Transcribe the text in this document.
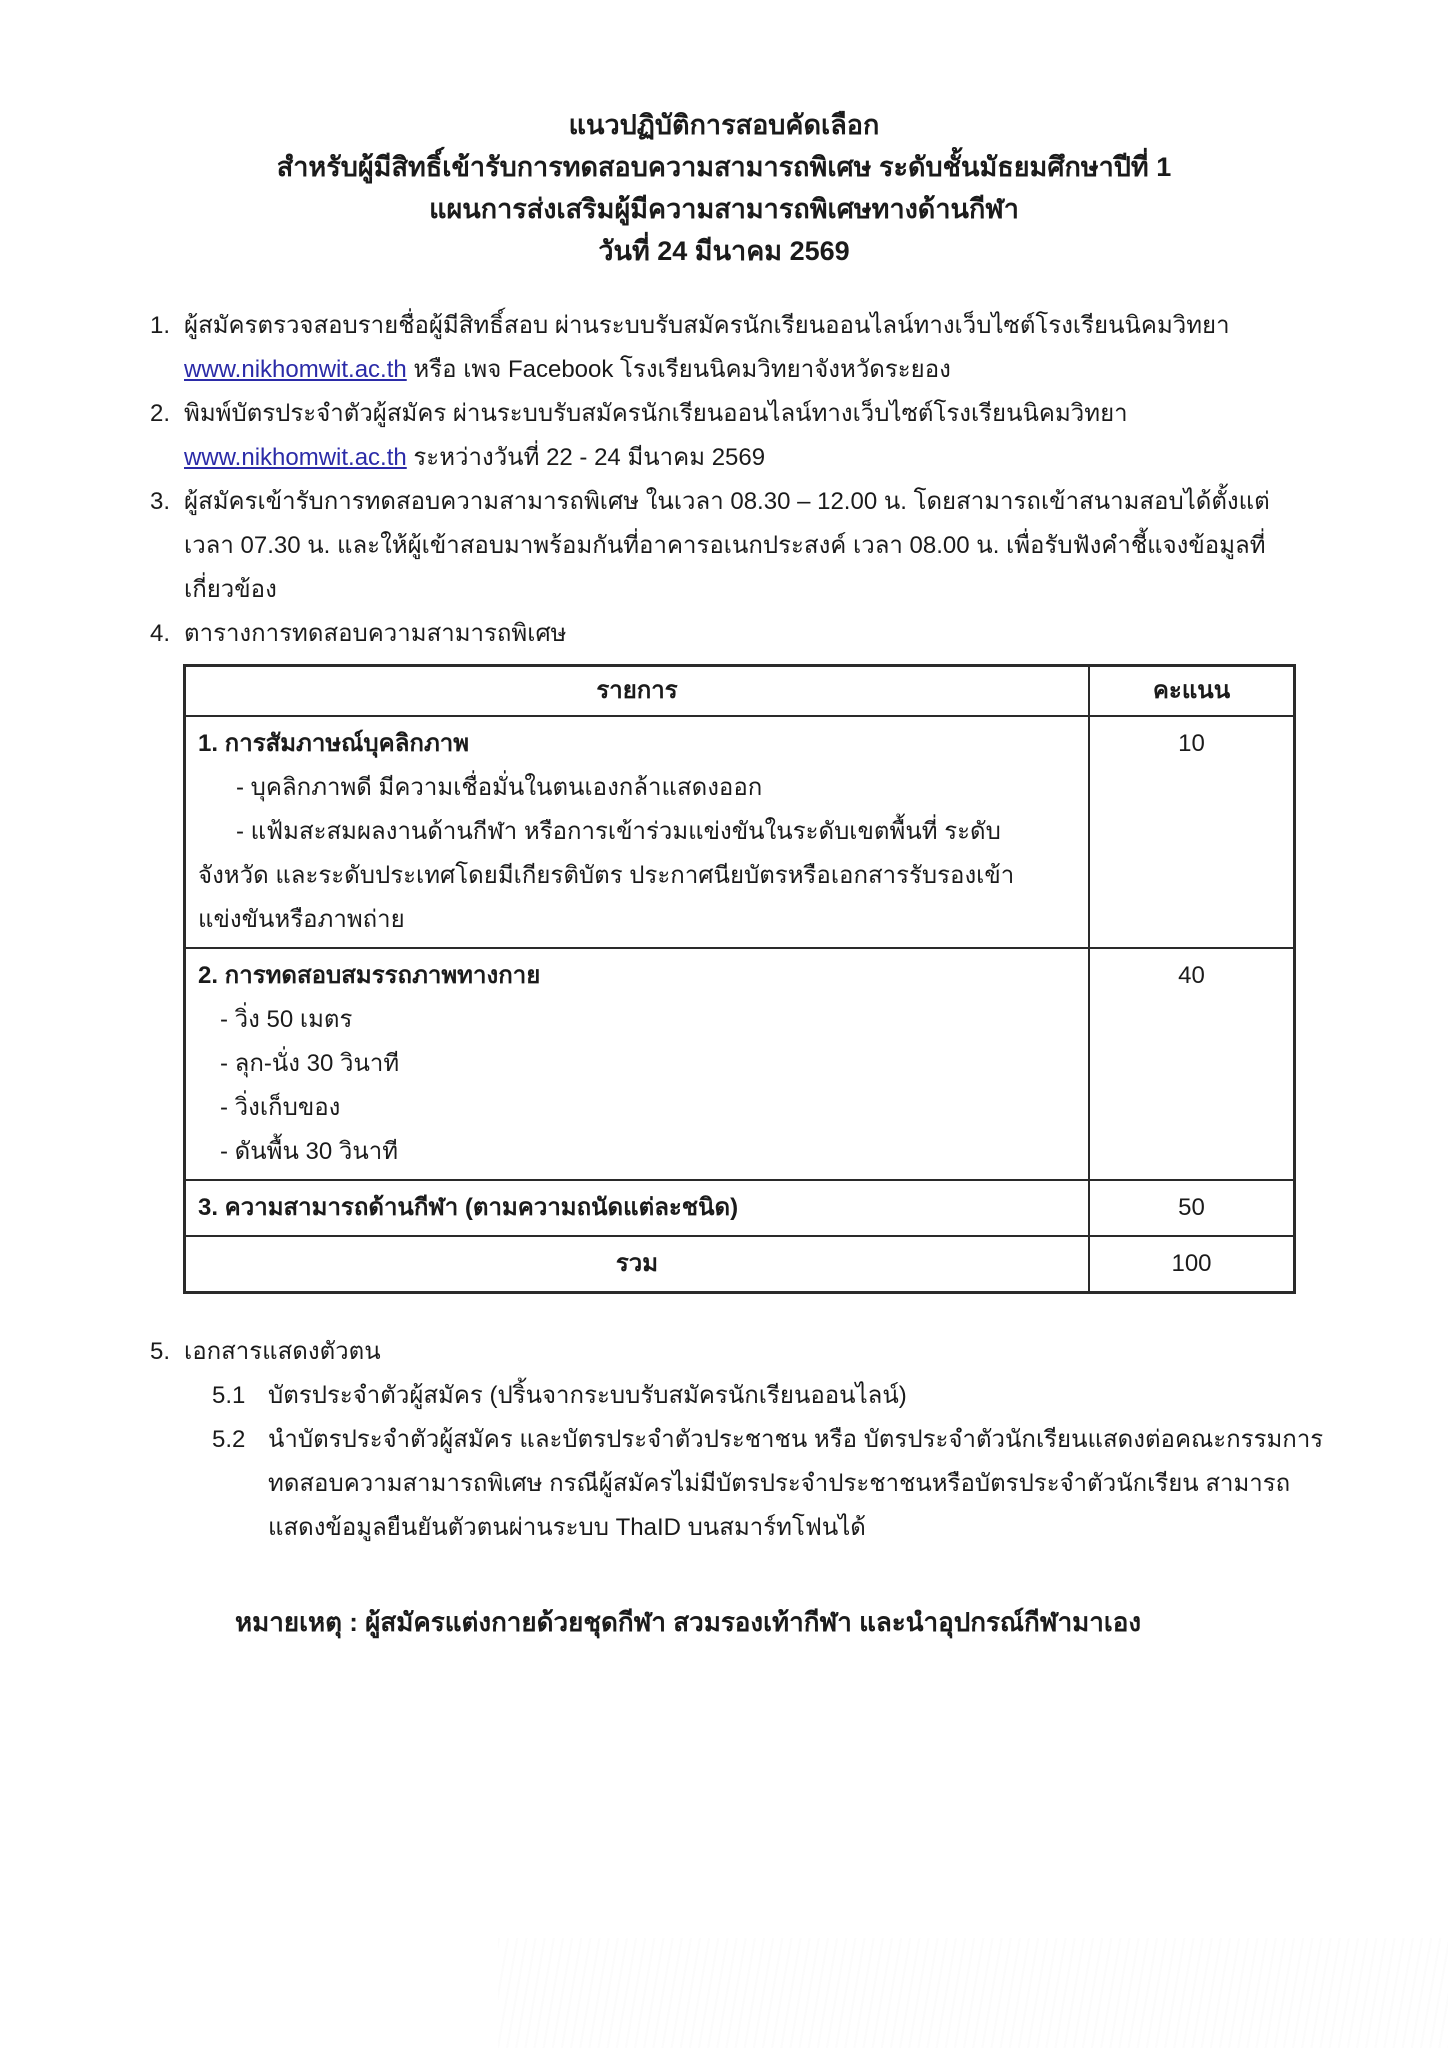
แนวปฏิบัติการสอบคัดเลือก
สำหรับผู้มีสิทธิ์เข้ารับการทดสอบความสามารถพิเศษ ระดับชั้นมัธยมศึกษาปีที่ 1
แผนการส่งเสริมผู้มีความสามารถพิเศษทางด้านกีฬา
วันที่ 24 มีนาคม 2569
1. ผู้สมัครตรวจสอบรายชื่อผู้มีสิทธิ์สอบ ผ่านระบบรับสมัครนักเรียนออนไลน์ทางเว็บไซต์โรงเรียนนิคมวิทยา
www.nikhomwit.ac.th หรือ เพจ Facebook โรงเรียนนิคมวิทยาจังหวัดระยอง
2. พิมพ์บัตรประจำตัวผู้สมัคร ผ่านระบบรับสมัครนักเรียนออนไลน์ทางเว็บไซต์โรงเรียนนิคมวิทยา
www.nikhomwit.ac.th ระหว่างวันที่ 22 - 24 มีนาคม 2569
3. ผู้สมัครเข้ารับการทดสอบความสามารถพิเศษ ในเวลา 08.30 – 12.00 น. โดยสามารถเข้าสนามสอบได้ตั้งแต่
เวลา 07.30 น. และให้ผู้เข้าสอบมาพร้อมกันที่อาคารอเนกประสงค์ เวลา 08.00 น. เพื่อรับฟังคำชี้แจงข้อมูลที่
เกี่ยวข้อง
4. ตารางการทดสอบความสามารถพิเศษ
รายการ	คะแนน
1. การสัมภาษณ์บุคลิกภาพ
- บุคลิกภาพดี มีความเชื่อมั่นในตนเองกล้าแสดงออก
- แฟ้มสะสมผลงานด้านกีฬา หรือการเข้าร่วมแข่งขันในระดับเขตพื้นที่ ระดับ
จังหวัด และระดับประเทศโดยมีเกียรติบัตร ประกาศนียบัตรหรือเอกสารรับรองเข้า
แข่งขันหรือภาพถ่าย
10
2. การทดสอบสมรรถภาพทางกาย
- วิ่ง 50 เมตร
- ลุก-นั่ง 30 วินาที
- วิ่งเก็บของ
- ดันพื้น 30 วินาที
40
3. ความสามารถด้านกีฬา (ตามความถนัดแต่ละชนิด)	50
รวม	100
5. เอกสารแสดงตัวตน
5.1 บัตรประจำตัวผู้สมัคร (ปริ้นจากระบบรับสมัครนักเรียนออนไลน์)
5.2 นำบัตรประจำตัวผู้สมัคร และบัตรประจำตัวประชาชน หรือ บัตรประจำตัวนักเรียนแสดงต่อคณะกรรมการ
ทดสอบความสามารถพิเศษ กรณีผู้สมัครไม่มีบัตรประจำประชาชนหรือบัตรประจำตัวนักเรียน สามารถ
แสดงข้อมูลยืนยันตัวตนผ่านระบบ ThaID บนสมาร์ทโฟนได้
หมายเหตุ : ผู้สมัครแต่งกายด้วยชุดกีฬา สวมรองเท้ากีฬา และนำอุปกรณ์กีฬามาเอง
